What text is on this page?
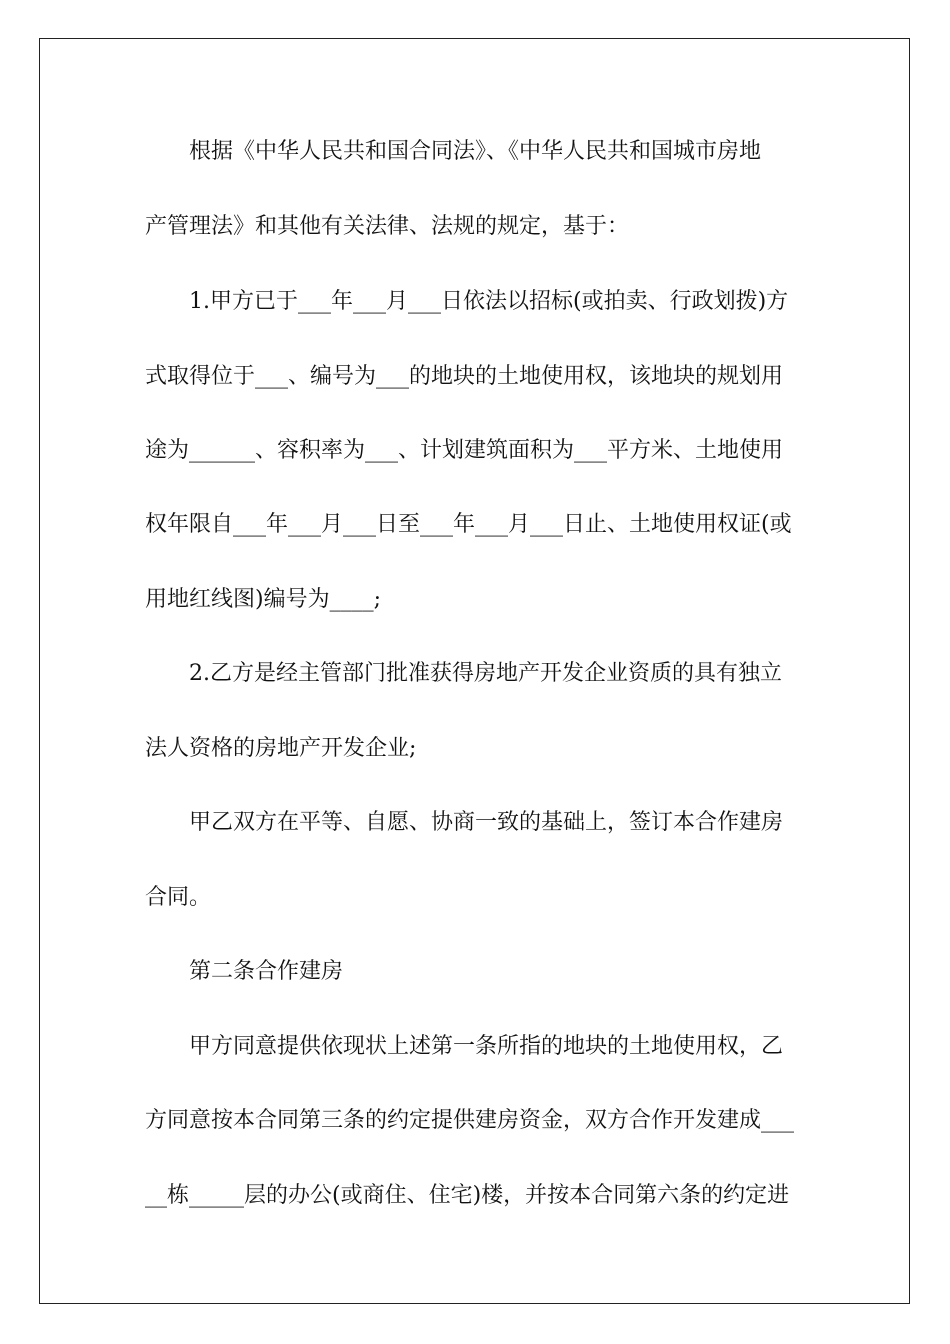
根据《中华人民共和国合同法》、《中华人民共和国城市房地

产管理法》和其他有关法律、法规的规定，基于：

1.甲方已于___年___月___日依法以招标(或拍卖、行政划拨)方

式取得位于___、编号为___的地块的土地使用权，该地块的规划用

途为______、容积率为___、计划建筑面积为___平方米、土地使用

权年限自___年___月___日至___年___月___日止、土地使用权证(或

用地红线图)编号为____;

2.乙方是经主管部门批准获得房地产开发企业资质的具有独立

法人资格的房地产开发企业;

甲乙双方在平等、自愿、协商一致的基础上，签订本合作建房

合同。

第二条合作建房

甲方同意提供依现状上述第一条所指的地块的土地使用权，乙

方同意按本合同第三条的约定提供建房资金，双方合作开发建成___

__栋_____层的办公(或商住、住宅)楼，并按本合同第六条的约定进
